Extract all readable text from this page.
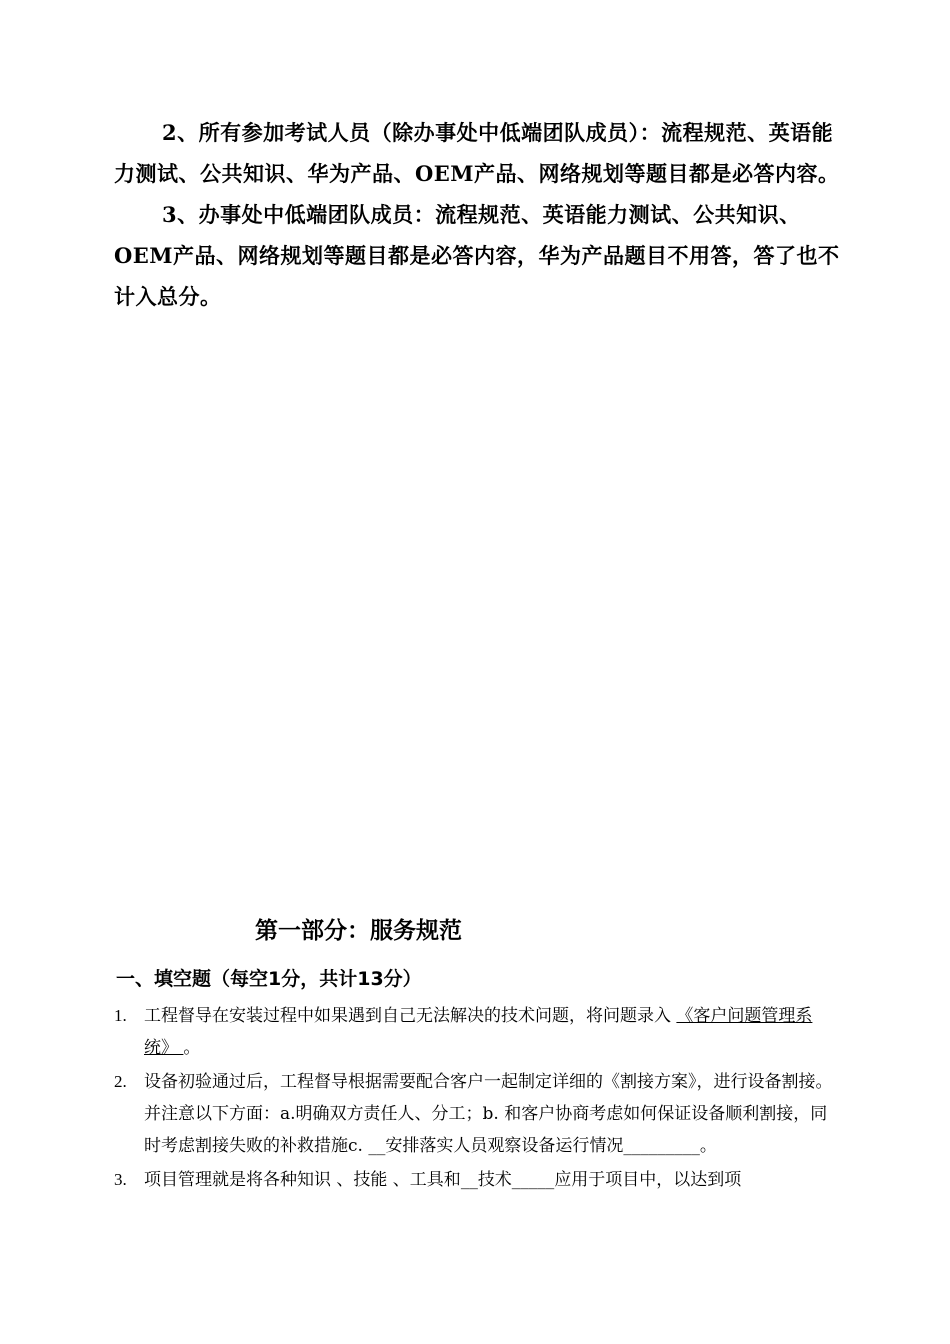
2、所有参加考试人员（除办事处中低端团队成员）：流程规范、英语能力测试、公共知识、华为产品、OEM产品、网络规划等题目都是必答内容。

3、办事处中低端团队成员：流程规范、英语能力测试、公共知识、OEM产品、网络规划等题目都是必答内容，华为产品题目不用答，答了也不计入总分。

第一部分：服务规范
一、填空题（每空1分，共计13分）
1.	工程督导在安装过程中如果遇到自己无法解决的技术问题，将问题录入 《客户问题管理系统》 。
2.	设备初验通过后，工程督导根据需要配合客户一起制定详细的《割接方案》，进行设备割接。并注意以下方面：a.明确双方责任人、分工；b. 和客户协商考虑如何保证设备顺利割接，同时考虑割接失败的补救措施c. __安排落实人员观察设备运行情况_________。
3.	项目管理就是将各种知识 、技能 、工具和__技术_____应用于项目中，以达到项
